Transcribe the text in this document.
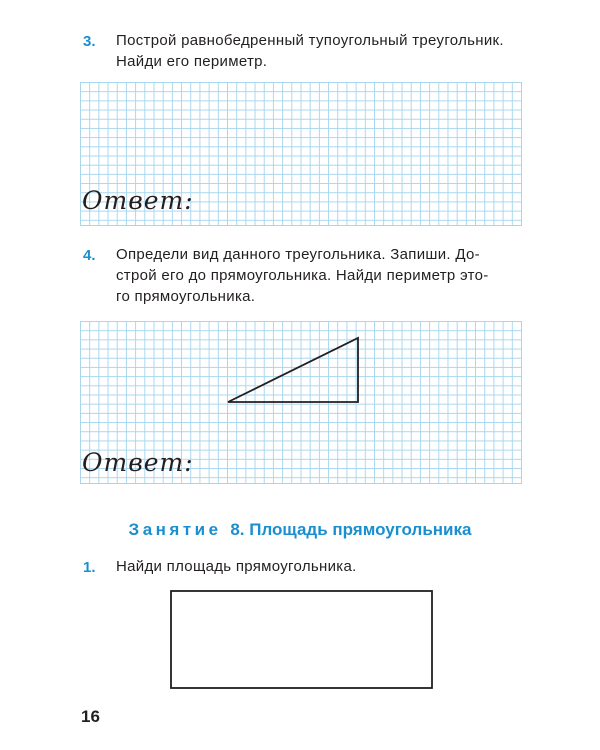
3. Построй равнобедренный тупоугольный треугольник.
Найди его периметр.
Ответ:
4. Определи вид данного треугольника. Запиши. До-
строй его до прямоугольника. Найди периметр это-
го прямоугольника.
Ответ:
Занятие 8. Площадь прямоугольника
1. Найди площадь прямоугольника.
16
